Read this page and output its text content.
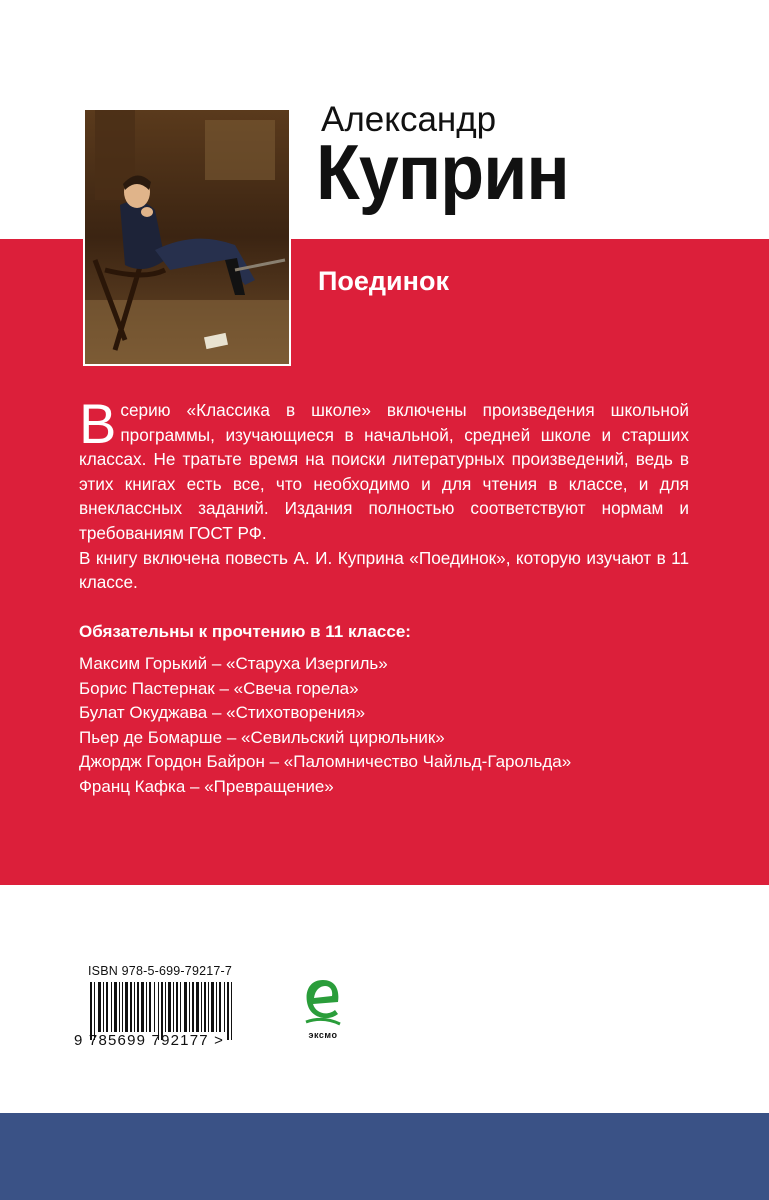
Александр
Куприн
Поединок

Всерию «Классика в школе» включены произведения школьной программы, изучающиеся в начальной, средней школе и старших классах. Не тратьте время на поиски литературных произведений, ведь в этих книгах есть все, что необходимо и для чтения в классе, и для внеклассных заданий. Издания полностью соответствуют нормам и требованиям ГОСТ РФ.

В книгу включена повесть А. И. Куприна «Поединок», которую изучают в 11 классе.

Обязательны к прочтению в 11 классе:
Максим Горький – «Старуха Изергиль»
Борис Пастернак – «Свеча горела»
Булат Окуджава – «Стихотворения»
Пьер де Бомарше – «Севильский цирюльник»
Джордж Гордон Байрон – «Паломничество Чайльд-Гарольда»
Франц Кафка – «Превращение»
ISBN 978-5-699-79217-7
9 785699 792177 >	эксмо
